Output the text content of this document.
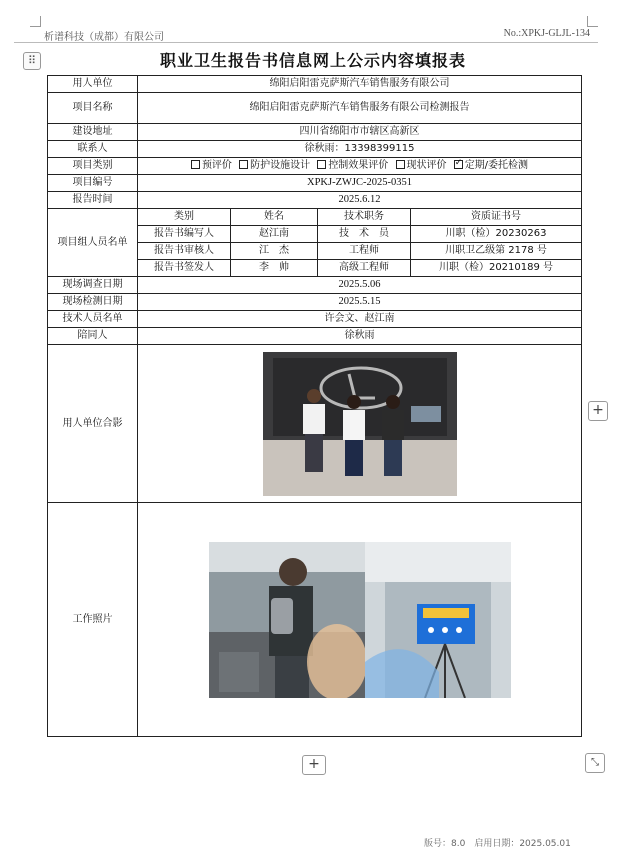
析谱科技（成都）有限公司	No.:XPKJ-GLJL-134
⠿	职业卫生报告书信息网上公示内容填报表
用人单位	绵阳启阳雷克萨斯汽车销售服务有限公司			
项目名称	绵阳启阳雷克萨斯汽车销售服务有限公司检测报告			
建设地址	四川省绵阳市市辖区高新区			
联系人	徐秋雨：13398399115			
项目类别	预评价 防护设施设计 控制效果评价 现状评价 ✓ 定期/委托检测
项目编号	XPKJ-ZWJC-2025-0351			
报告时间	2025.6.12			
项目组人员名单	类别	姓名	技术职务	资质证书号
	报告书编写人	赵江南	技　术　员	川职（检）20230263
	报告书审核人	江　杰	工程师	川职卫乙级第 2178 号
	报告书签发人	李　帅	高级工程师	川职（检）20210189 号
现场调查日期	2025.5.06			
现场检测日期	2025.5.15			
技术人员名单	许会文、赵江南			
陪同人	徐秋雨			
用人单位合影	

工作照片	
+
+	⤡
版号：8.0　启用日期：2025.05.01
